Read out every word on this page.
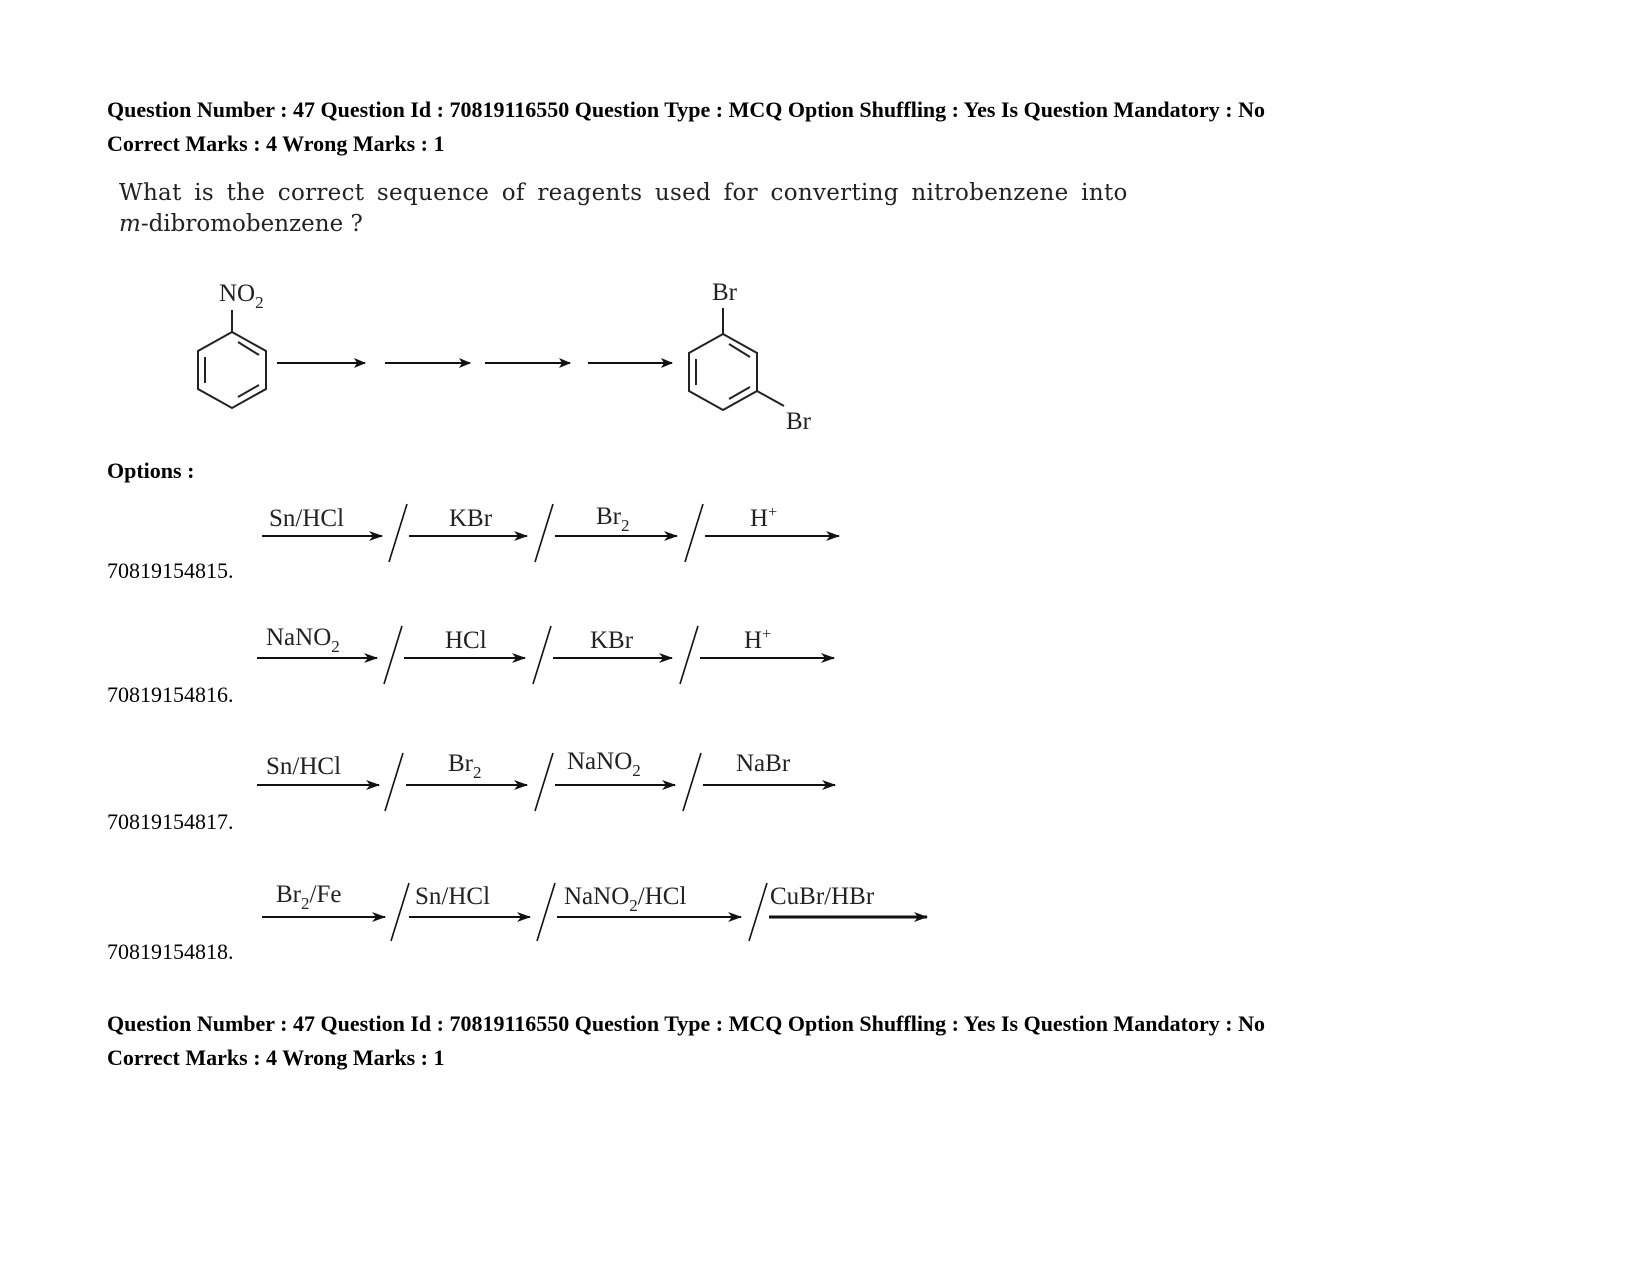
Question Number : 47 Question Id : 70819116550 Question Type : MCQ Option Shuffling : Yes Is Question Mandatory : No
Correct Marks : 4 Wrong Marks : 1
What is the correct sequence of reagents used for converting nitrobenzene into
m-dibromobenzene ?
$NO_2$	Br
Br
Options :
70819154815.
Sn/HCl	KBr	$Br_2$	H+
70819154816.
NaNO$_2$	HCl	KBr	H+
70819154817.
Sn/HCl	$Br_2$	NaNO$_2$	NaBr
70819154818.
$Br_2/Fe$	Sn/HCl	NaNO$_2$/HCl	CuBr/HBr
Question Number : 47 Question Id : 70819116550 Question Type : MCQ Option Shuffling : Yes Is Question Mandatory : No
Correct Marks : 4 Wrong Marks : 1
